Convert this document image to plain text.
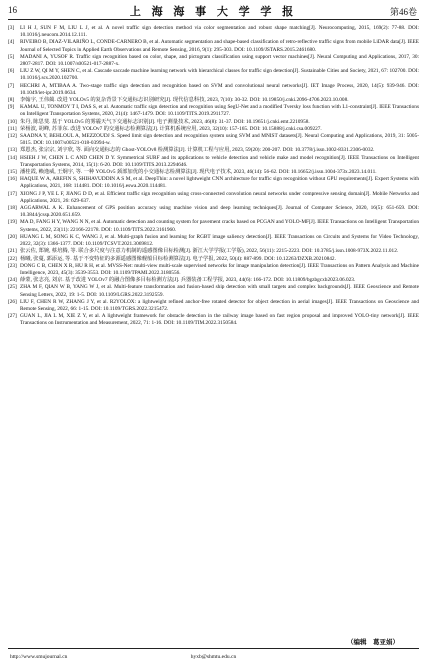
16	上 海 海 事 大 学 学 报	第46卷
[3]	LI H J, SUN F M, LIU L J, et al. A novel traffic sign detection method via color segmentation and robust shape matching[J]. Neurocomputing, 2015, 169(2): 77-88. DOI: 10.1016/j.neucom.2014.12.111.
[4]	RIVEIRO B, DIAZ-VILARIÑO L, CONDE-CARNERO B, et al. Automatic segmentation and shape-based classification of retro-reflective traffic signs from mobile LiDAR data[J]. IEEE Journal of Selected Topics in Applied Earth Observations and Remote Sensing, 2016, 9(1): 295-303. DOI: 10.1109/JSTARS.2015.2461680.
[5]	MADANI A, YUSOF R. Traffic sign recognition based on color, shape, and pictogram classification using support vector machines[J]. Neural Computing and Applications, 2017, 30: 2807-2817. DOI: 10.1007/s00521-017-2887-x.
[6]	LIU Z W, QI M Y, SHEN C, et al. Cascade saccade machine learning network with hierarchical classes for traffic sign detection[J]. Sustainable Cities and Society, 2021, 67: 102700. DOI: 10.1016/j.scs.2020.102700.
[7]	HECHRI A, MTIBAA A. Two-stage traffic sign detection and recognition based on SVM and convolutional neural networks[J]. IET Image Process, 2020, 14(5): 939-946. DOI: 10.1049/iet-ipr.2019.0634.
[8]	李翰宇, 王伟蔺. 改进 YOLOv5 的复杂背景下交通标志识别研究[J]. 现代信息科技, 2023, 7(10): 30-32. DOI: 10.19850/j.cnki.2096-4706.2023.10.008.
[9]	KAMAL U, TONMOY T I, DAS S, et al. Automatic traffic sign detection and recognition using SegU-Net and a modified Tversky loss function with L1-constraint[J]. IEEE Transactions on Intelligent Transportation Systems, 2020, 21(4): 1467-1479. DOI: 10.1109/TITS.2019.2911727.
[10] 朱丹, 陈思斐. 基于 YOLOv5 的雾霾天气下交通标志识别[J]. 电子测量技术, 2023, 46(8): 31-37. DOI: 10.19651/j.cnki.emt.2210958.
[11] 荣杨波, 胡峰, 苏菲东. 改进 YOLOv7 的交通标志检测算法[J]. 计算机系统应用, 2023, 32(10): 157-165. DOI: 10.15888/j.cnki.csa.009227.
[12] SAADNA Y, BEHLOUL A, MEZZOUDJ S. Speed limit sign detection and recognition system using SVM and MNIST datasets[J]. Neural Computing and Applications, 2019, 31: 5005-5015. DOI: 10.1007/s00521-018-03994-w.
[13] 郑恩杰, 张宗宗, 刘宇欣, 等. 面向交通标志的 Ghost-YOLOv8 检测算法[J]. 计算机工程与应用, 2023, 59(20): 200-207. DOI: 10.3778/j.issn.1002-8331.2306-0032.
[14] HSIEH J W, CHEN L C AND CHEN D Y. Symmetrical SURF and its applications to vehicle detection and vehicle make and model recognition[J]. IEEE Transactions on Intelligent Transportation Systems, 2014, 15(1): 6-20. DOI: 10.1109/TITS.2013.2294646.
[15] 潘桂霞, 赖逸威, 王炯宇, 等. 一种 YOLOv5 颈部加优的小交通标志检测算法[J]. 现代电子技术, 2023, 46(14): 56-62. DOI: 10.16652/j.issn.1004-373x.2023.14.011.
[16] HAQUE W A, AREFIN S, SHIHAVUDDIN A S M, et al. DeepThin: a novel lightweight CNN architecture for traffic sign recognition without GPU requirements[J]. Expert Systems with Applications, 2021, 168: 114481. DOI: 10.1016/j.eswa.2020.114481.
[17] XIONG J P, YE L F, JIANG D D, et al. Efficient traffic sign recognition using cross-connected convolution neural networks under compressive sensing domain[J]. Mobile Networks and Applications, 2021, 26: 629-637.
[18] AGGARWAL A K. Enhancement of GPS position accuracy using machine vision and deep learning techniques[J]. Journal of Computer Science, 2020, 16(5): 651-659. DOI: 10.3844/jcssp.2020.651.659.
[19] MA D, FANG H Y, WANG N N, et al. Automatic detection and counting system for pavement cracks based on PCGAN and YOLO-MF[J]. IEEE Transactions on Intelligent Transportation Systems, 2022, 23(11): 22166-22178. DOI: 10.1109/TITS.2022.3161960.
[20] HUANG L M, SONG K C, WANG J, et al. Multi-graph fusion and learning for RGBT image saliency detection[J]. IEEE Transactions on Circuits and Systems for Video Technology, 2022, 32(3): 1366-1377. DOI: 10.1109/TCSVT.2021.3069812.
[21] 张云佐, 郑婉, 蔡培腾, 等. 联合多尺度与注意力机制的遥感图像目标检测[J]. 浙江大学学报(工学版), 2022, 56(11): 2215-2223. DOI: 10.3785/j.issn.1008-973X.2022.11.012.
[22] 杨曦, 张蔓, 郭添运, 等. 基于不变特征的多源遥感图像舰船目标检测算法[J]. 电子学报, 2022, 50(4): 887-899. DOI: 10.12263/DZXB.20210842.
[23] DONG C B, CHEN X R, HU R H, et al. MVSS-Net: multi-view multi-scale supervised networks for image manipulation detection[J]. IEEE Transactions on Pattern Analysis and Machine Intelligence, 2023, 45(3): 3539-3553. DOI: 10.1109/TPAMI.2022.3180556.
[24] 薛蒙, 张志亮, 刘京. 基于改进 YOLOv7 的融合图像多目标检测方法[J]. 兵器装备工程学报, 2023, 44(6): 166-172. DOI: 10.11809/bgzbgcxb2023.06.023.
[25] ZHA M F, QIAN W B, YANG W J, et al. Multi-feature transformation and fusion-based ship detection with small targets and complex backgrounds[J]. IEEE Geoscience and Remote Sensing Letters, 2022, 19: 1-5. DOI: 10.1109/LGRS.2022.3192559.
[26] LIU F, CHEN R W, ZHANG J Y, et al. R2YOLOX: a lightweight refined anchor-free rotated detector for object detection in aerial images[J]. IEEE Transactions on Geoscience and Remote Sensing, 2022, 66: 1-15. DOI: 10.1109/TGRS.2022.3215472.
[27] GUAN L, JIA L M, XIE Z Y, et al. A lightweight framework for obstacle detection in the railway image based on fast region proposal and improved YOLO-tiny network[J]. IEEE Transactions on Instrumentation and Measurement, 2022, 71: 1-16. DOI: 10.1109/TIM.2022.3150584.
（编辑　葛亚娟）
http://www.smujournal.cn	hyxb@shmtu.edu.cn
